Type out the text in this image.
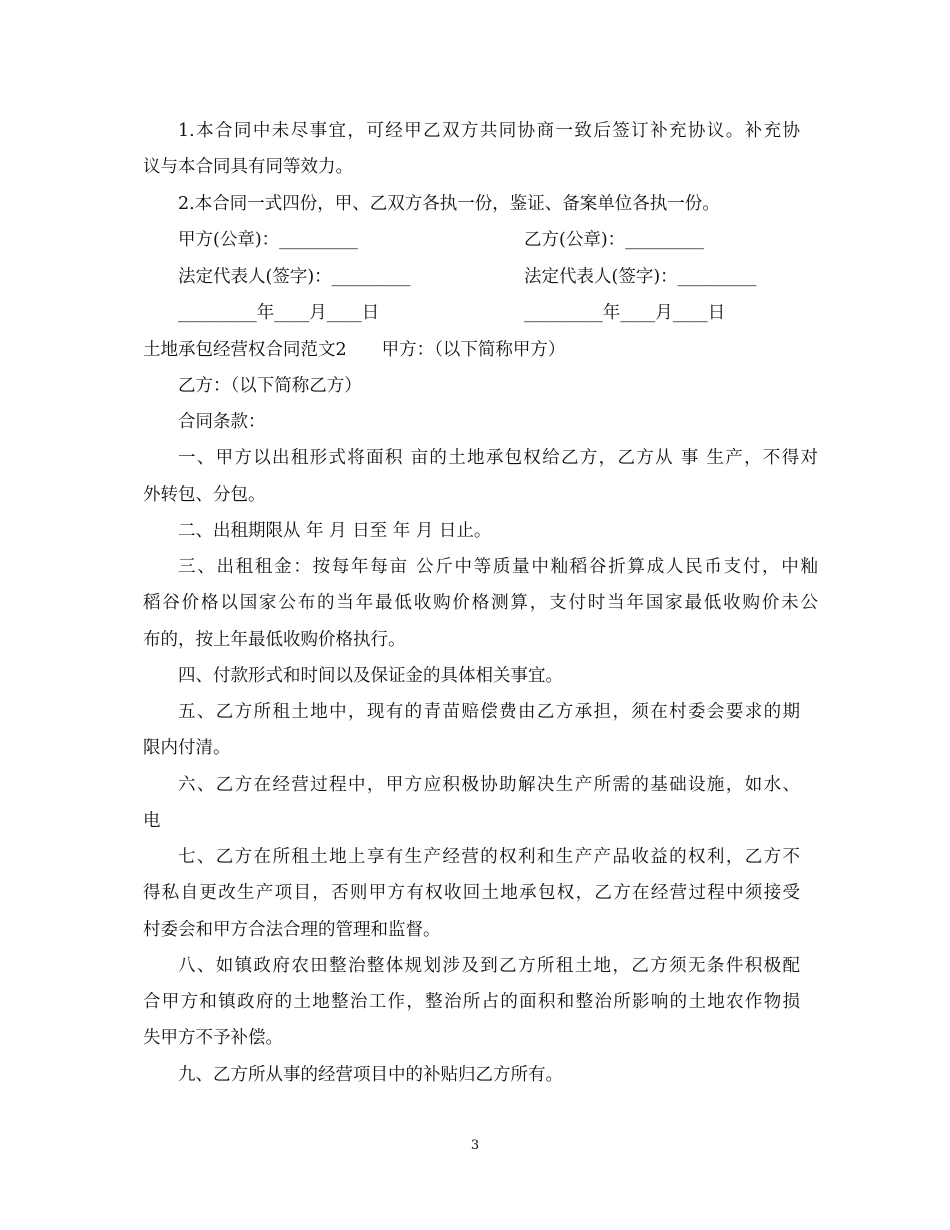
1.本合同中未尽事宜，可经甲乙双方共同协商一致后签订补充协议。补充协
议与本合同具有同等效力。
2.本合同一式四份，甲、乙双方各执一份，鉴证、备案单位各执一份。
甲方(公章)：_________	乙方(公章)：_________
法定代表人(签字)：_________	法定代表人(签字)：_________
_________年____月____日	_________年____月____日
土地承包经营权合同范文2　　甲方：（以下简称甲方）
乙方：（以下简称乙方）
合同条款：
一、甲方以出租形式将面积 亩的土地承包权给乙方，乙方从 事 生产，不得对
外转包、分包。
二、出租期限从 年 月 日至 年 月 日止。
三、出租租金：按每年每亩 公斤中等质量中籼稻谷折算成人民币支付，中籼
稻谷价格以国家公布的当年最低收购价格测算，支付时当年国家最低收购价未公
布的，按上年最低收购价格执行。
四、付款形式和时间以及保证金的具体相关事宜。
五、乙方所租土地中，现有的青苗赔偿费由乙方承担，须在村委会要求的期
限内付清。
六、乙方在经营过程中，甲方应积极协助解决生产所需的基础设施，如水、
电
七、乙方在所租土地上享有生产经营的权利和生产产品收益的权利，乙方不
得私自更改生产项目，否则甲方有权收回土地承包权，乙方在经营过程中须接受
村委会和甲方合法合理的管理和监督。
八、如镇政府农田整治整体规划涉及到乙方所租土地，乙方须无条件积极配
合甲方和镇政府的土地整治工作，整治所占的面积和整治所影响的土地农作物损
失甲方不予补偿。
九、乙方所从事的经营项目中的补贴归乙方所有。
3
